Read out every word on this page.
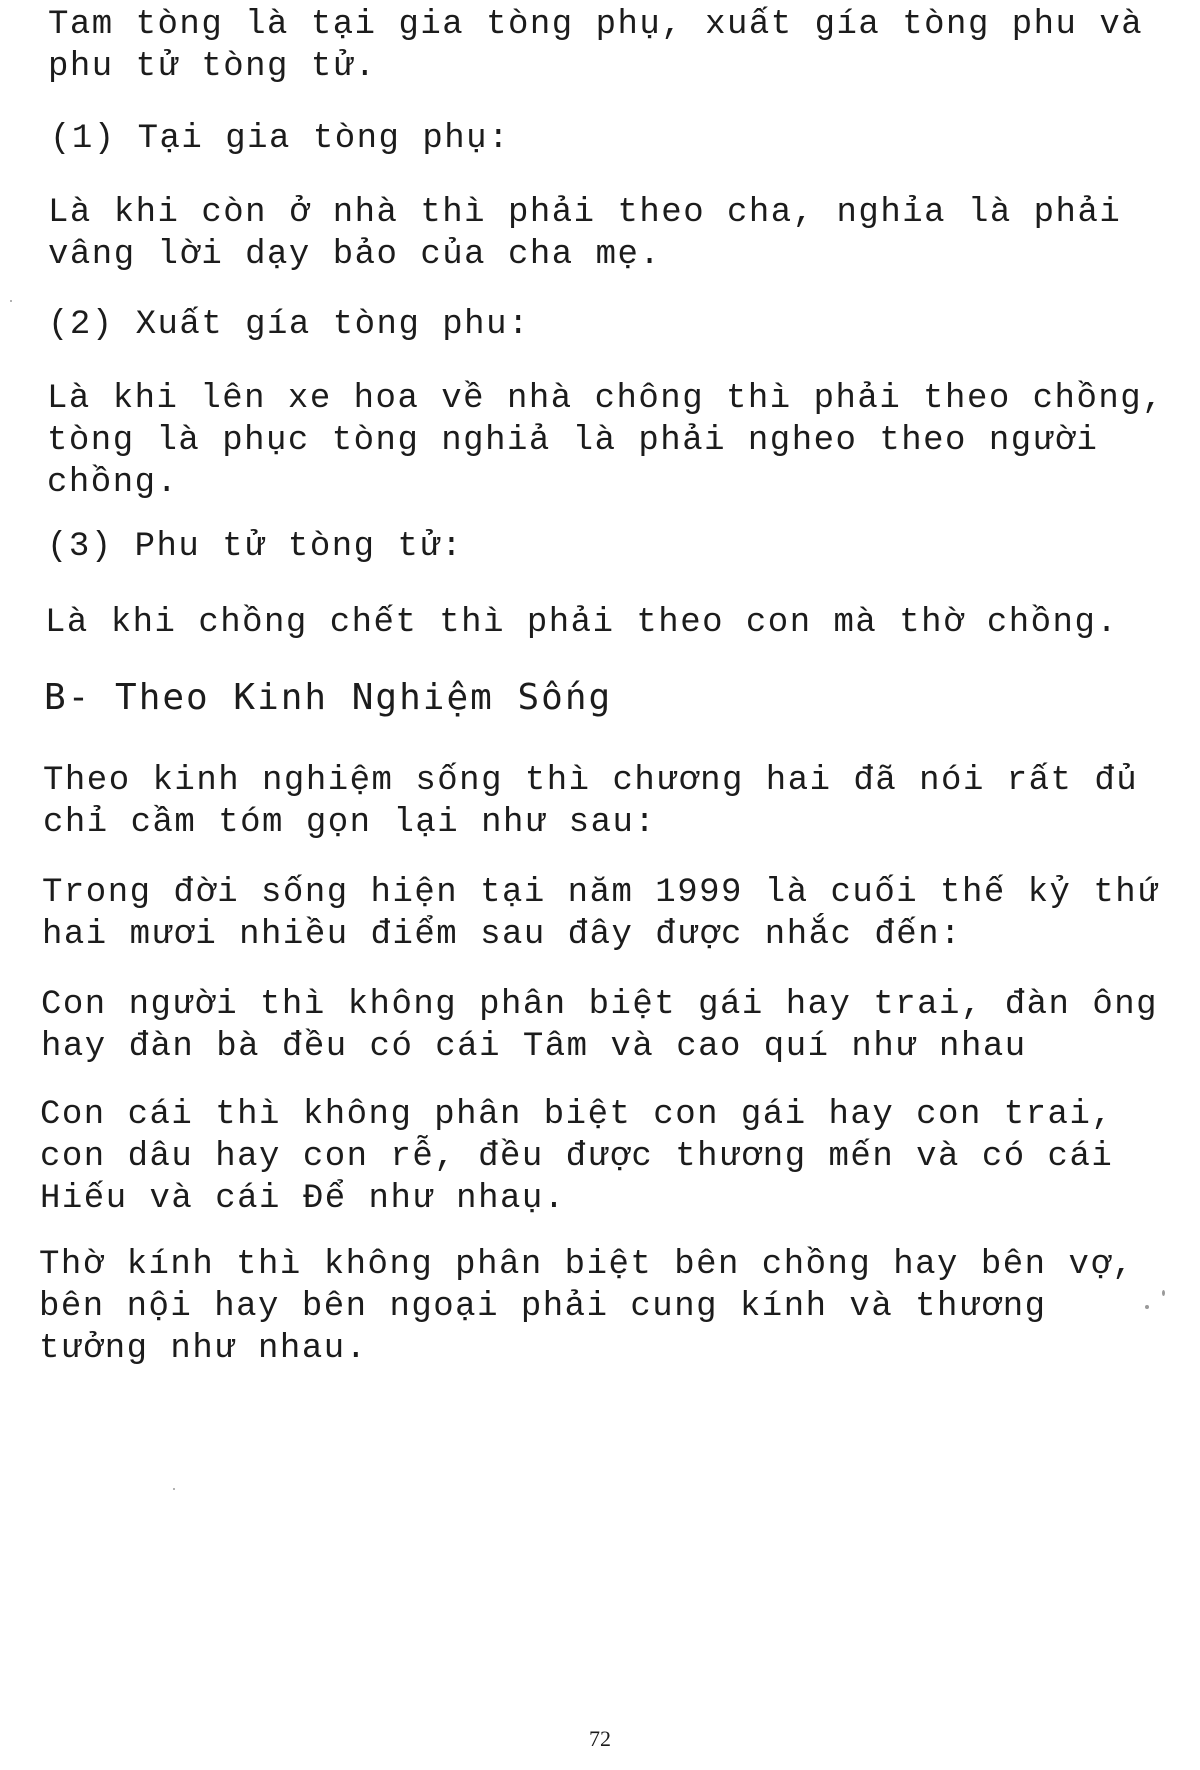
Tam tòng là tại gia tòng phụ, xuất gía tòng phu và
phu tử tòng tử.
(1) Tại gia tòng phụ:
Là khi còn ở nhà thì phải theo cha, nghỉa là phải
vâng lời dạy bảo của cha mẹ.
(2) Xuất gía tòng phu:
Là khi lên xe hoa về nhà chông thì phải theo chồng,
tòng là phục tòng nghiả là phải ngheo theo người
chồng.
(3) Phu tử tòng tử:
Là khi chồng chết thì phải theo con mà thờ chồng.
B- Theo Kinh Nghiệm Sống
Theo kinh nghiệm sống thì chương hai đã nói rất đủ
chỉ cầm tóm gọn lại như sau:
Trong đời sống hiện tại năm 1999 là cuối thế kỷ thứ
hai mươi nhiều điểm sau đây được nhắc đến:
Con người thì không phân biệt gái hay trai, đàn ông
hay đàn bà đều có cái Tâm và cao quí như nhau
Con cái thì không phân biệt con gái hay con trai,
con dâu hay con rễ, đều được thương mến và có cái
Hiếu và cái Để như nhaụ.
Thờ kính thì không phân biệt bên chồng hay bên vợ,
bên nội hay bên ngoại phải cung kính và thương
tưởng như nhau.
72
